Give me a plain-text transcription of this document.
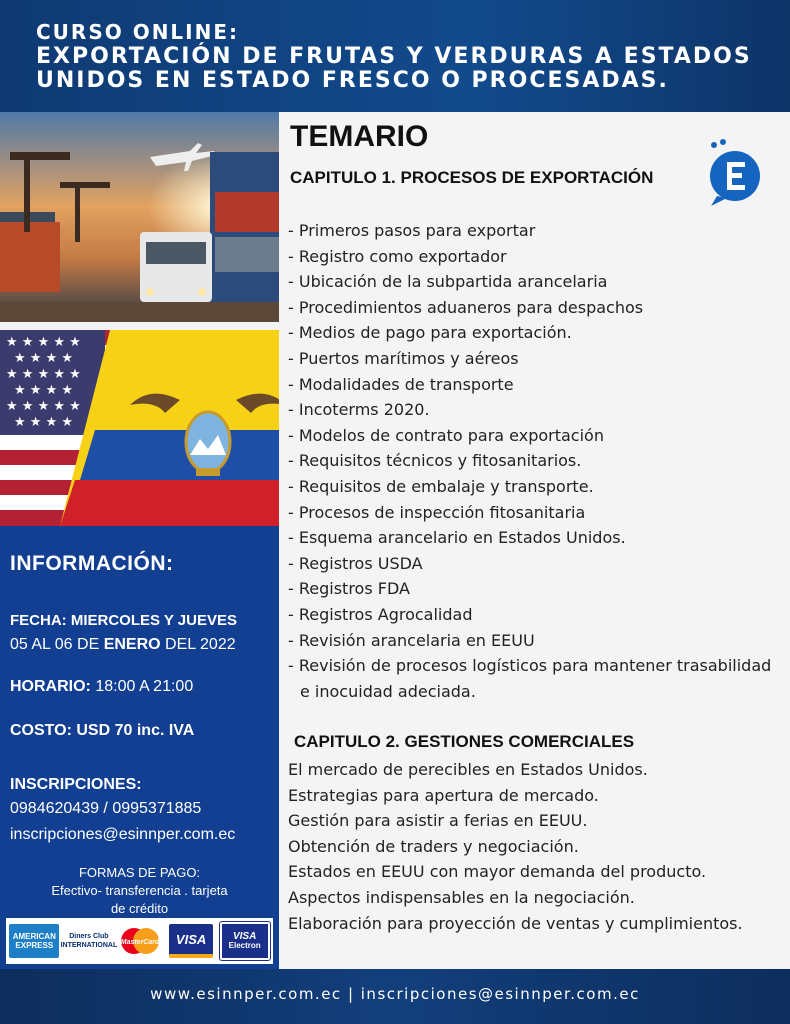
CURSO ONLINE:
EXPORTACIÓN DE FRUTAS Y VERDURAS A ESTADOS
UNIDOS EN ESTADO FRESCO O PROCESADAS.
★ ★ ★ ★ ★
★ ★ ★ ★
★ ★ ★ ★ ★
★ ★ ★ ★
★ ★ ★ ★ ★
★ ★ ★ ★
INFORMACIÓN:
FECHA: MIERCOLES Y JUEVES
05 AL 06 DE ENERO DEL 2022
HORARIO: 18:00 A 21:00
COSTO: USD 70 inc. IVA
INSCRIPCIONES:
0984620439 / 0995371885
inscripciones@esinnper.com.ec
FORMAS DE PAGO:
Efectivo- transferencia . tarjeta
de crédito
AMERICAN EXPRESS
Diners Club INTERNATIONAL MasterCard	VISA	VISA
Electron
TEMARIO
CAPITULO 1. PROCESOS DE EXPORTACIÓN
- Primeros pasos para exportar
- Registro como exportador
- Ubicación de la subpartida arancelaria
- Procedimientos aduaneros para despachos
- Medios de pago para exportación.
- Puertos marítimos y aéreos
- Modalidades de transporte
- Incoterms 2020.
- Modelos de contrato para exportación
- Requisitos técnicos y fitosanitarios.
- Requisitos de embalaje y transporte.
- Procesos de inspección fitosanitaria
- Esquema arancelario en Estados Unidos.
- Registros USDA
- Registros FDA
- Registros Agrocalidad
- Revisión arancelaria en EEUU
- Revisión de procesos logísticos para mantener trasabilidad e inocuidad adeciada.
CAPITULO 2. GESTIONES COMERCIALES
El mercado de perecibles en Estados Unidos.
Estrategias para apertura de mercado.
Gestión para asistir a ferias en EEUU.
Obtención de traders y negociación.
Estados en EEUU con mayor demanda del producto.
Aspectos indispensables en la negociación.
Elaboración para proyección de ventas y cumplimientos.
www.esinnper.com.ec | inscripciones@esinnper.com.ec
